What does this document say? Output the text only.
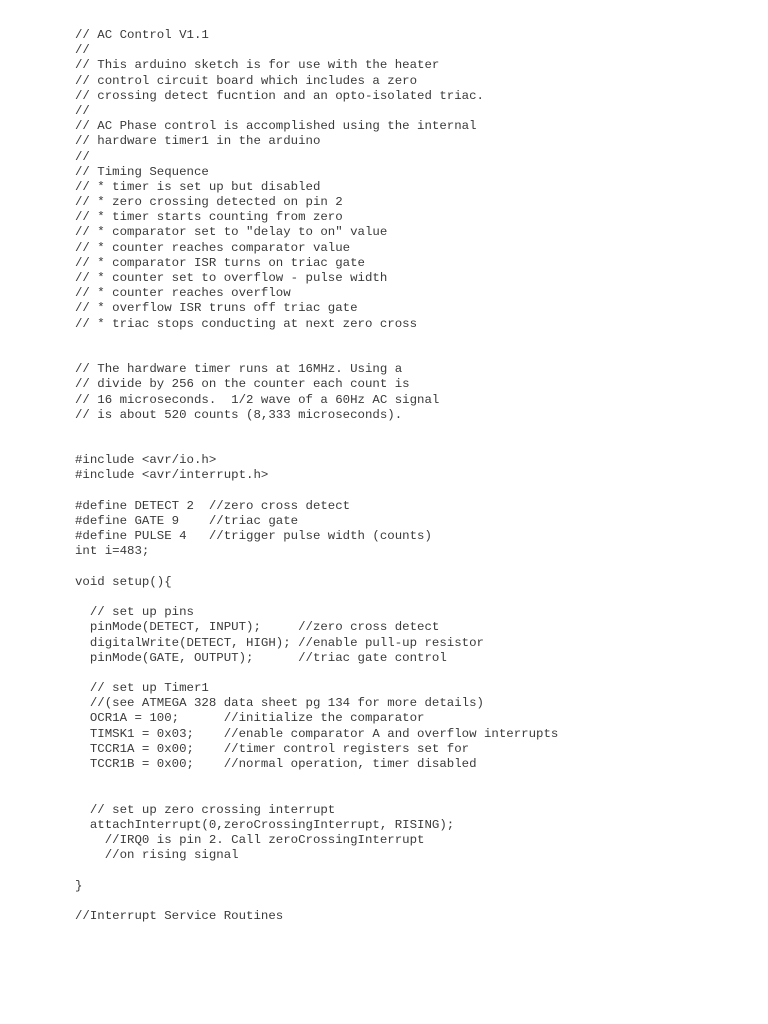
// AC Control V1.1
//
// This arduino sketch is for use with the heater
// control circuit board which includes a zero
// crossing detect fucntion and an opto-isolated triac.
//
// AC Phase control is accomplished using the internal
// hardware timer1 in the arduino
//
// Timing Sequence
// * timer is set up but disabled
// * zero crossing detected on pin 2
// * timer starts counting from zero
// * comparator set to "delay to on" value
// * counter reaches comparator value
// * comparator ISR turns on triac gate
// * counter set to overflow - pulse width
// * counter reaches overflow
// * overflow ISR truns off triac gate
// * triac stops conducting at next zero cross
// The hardware timer runs at 16MHz. Using a
// divide by 256 on the counter each count is
// 16 microseconds.  1/2 wave of a 60Hz AC signal
// is about 520 counts (8,333 microseconds).
#include <avr/io.h>
#include <avr/interrupt.h>
#define DETECT 2  //zero cross detect
#define GATE 9    //triac gate
#define PULSE 4   //trigger pulse width (counts)
int i=483;
void setup(){
// set up pins
pinMode(DETECT, INPUT);     //zero cross detect
digitalWrite(DETECT, HIGH); //enable pull-up resistor
pinMode(GATE, OUTPUT);      //triac gate control
// set up Timer1
//(see ATMEGA 328 data sheet pg 134 for more details)
OCR1A = 100;      //initialize the comparator
TIMSK1 = 0x03;    //enable comparator A and overflow interrupts
TCCR1A = 0x00;    //timer control registers set for
TCCR1B = 0x00;    //normal operation, timer disabled
// set up zero crossing interrupt
attachInterrupt(0,zeroCrossingInterrupt, RISING);
//IRQ0 is pin 2. Call zeroCrossingInterrupt
//on rising signal
}
//Interrupt Service Routines
